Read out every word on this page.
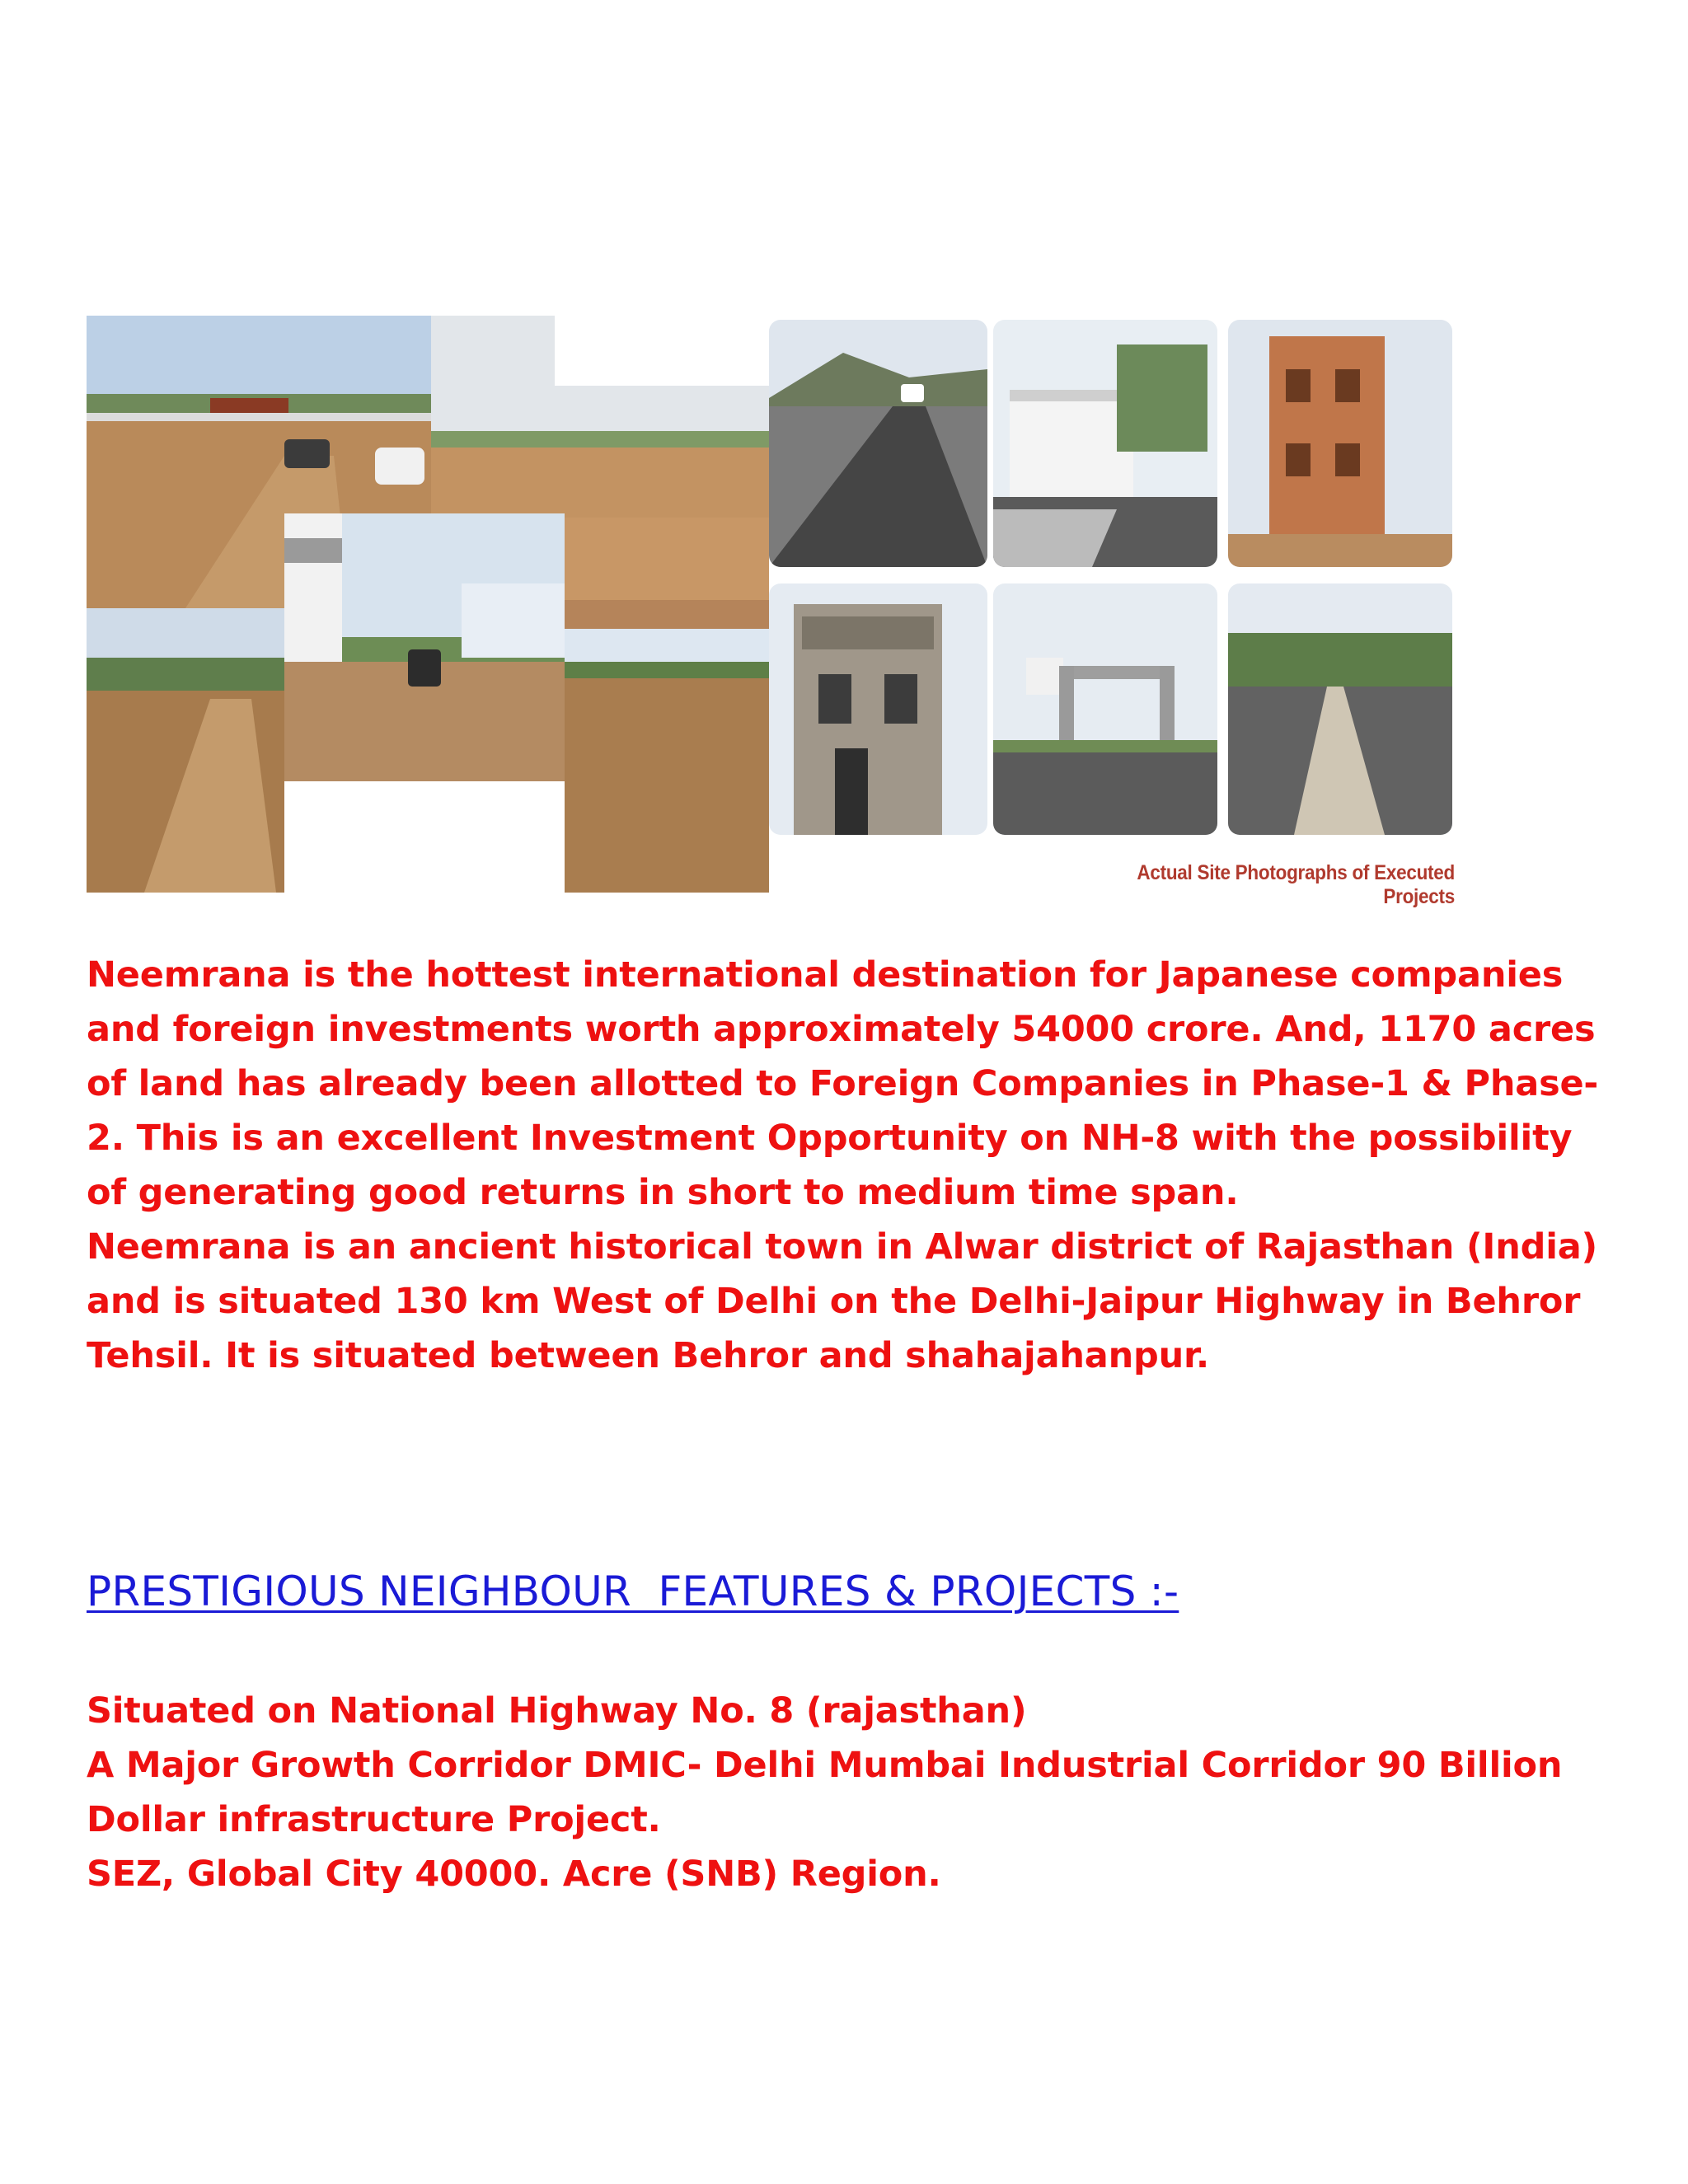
Actual Site Photographs of Executed Projects

Neemrana is the hottest international destination for Japanese companies and foreign investments worth approximately 54000 crore. And, 1170 acres of land has already been allotted to Foreign Companies in Phase-1 & Phase-2. This is an excellent Investment Opportunity on NH-8 with the possibility of generating good returns in short to medium time span.

Neemrana is an ancient historical town in Alwar district of Rajasthan (India) and is situated 130 km West of Delhi on the Delhi-Jaipur Highway in Behror Tehsil. It is situated between Behror and shahajahanpur.

PRESTIGIOUS NEIGHBOUR  FEATURES & PROJECTS :-
Situated on National Highway No. 8 (rajasthan)
A Major Growth Corridor DMIC- Delhi Mumbai Industrial Corridor 90 Billion Dollar infrastructure Project.
SEZ, Global City 40000. Acre (SNB) Region.
